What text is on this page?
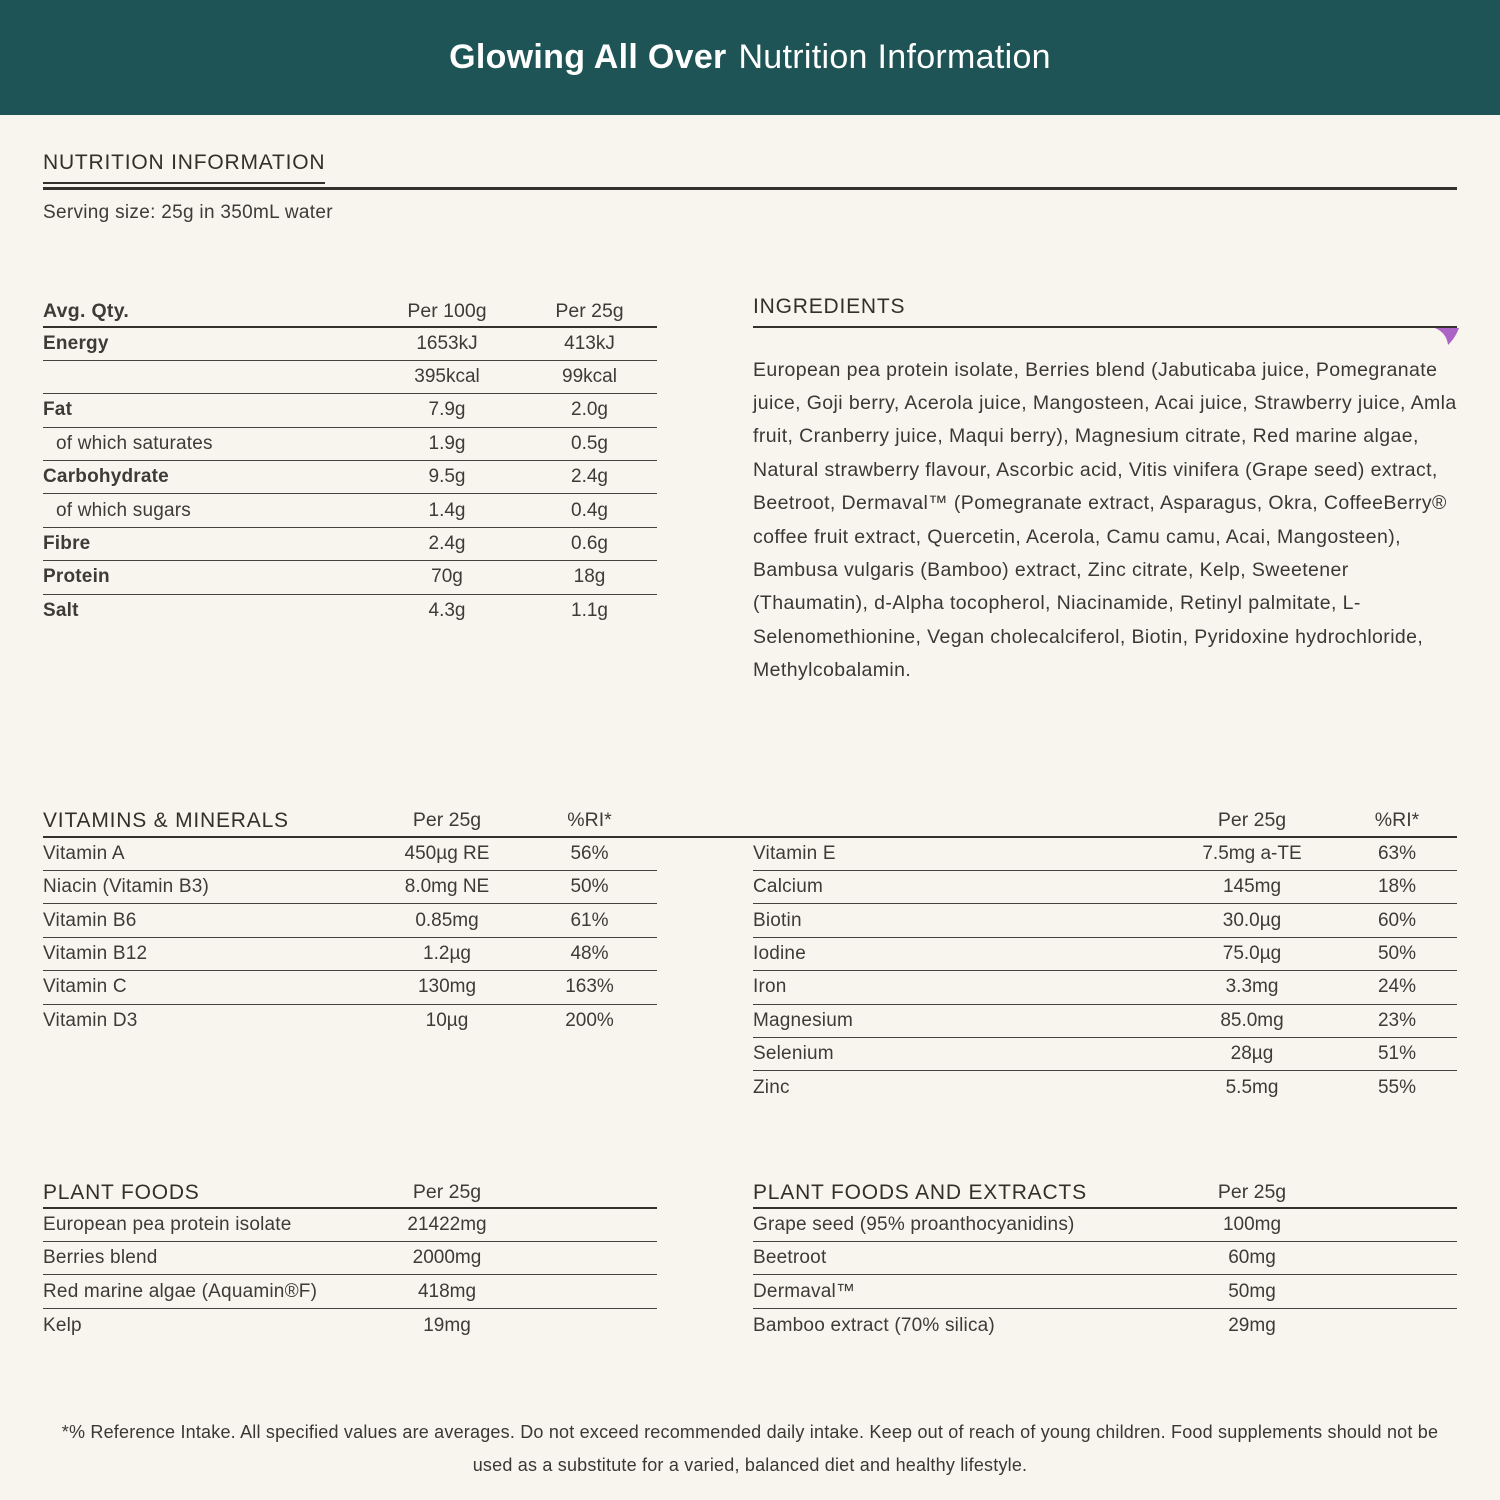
Glowing All Over Nutrition Information
NUTRITION INFORMATION

Serving size: 25g in 350mL water

Avg. Qty.	Per 100g	Per 25g
Energy	1653kJ	413kJ
395kcal	99kcal
Fat	7.9g	2.0g
of which saturates	1.9g	0.5g
Carbohydrate	9.5g	2.4g
of which sugars	1.4g	0.4g
Fibre	2.4g	0.6g
Protein	70g	18g
Salt	4.3g	1.1g
INGREDIENTS

European pea protein isolate, Berries blend (Jabuticaba juice, Pomegranate juice, Goji berry, Acerola juice, Mangosteen, Acai juice, Strawberry juice, Amla fruit, Cranberry juice, Maqui berry), Magnesium citrate, Red marine algae, Natural strawberry flavour, Ascorbic acid, Vitis vinifera (Grape seed) extract, Beetroot, Dermaval™ (Pomegranate extract, Asparagus, Okra, CoffeeBerry® coffee fruit extract, Quercetin, Acerola, Camu camu, Acai, Mangosteen), Bambusa vulgaris (Bamboo) extract, Zinc citrate, Kelp, Sweetener (Thaumatin), d-Alpha tocopherol, Niacinamide, Retinyl palmitate, L-Selenomethionine, Vegan cholecalciferol, Biotin, Pyridoxine hydrochloride, Methylcobalamin.

VITAMINS & MINERALS	Per 25g	%RI*	Per 25g	%RI*
Vitamin A	450µg RE	56%
Niacin (Vitamin B3)	8.0mg NE	50%
Vitamin B6	0.85mg	61%
Vitamin B12	1.2µg	48%
Vitamin C	130mg	163%
Vitamin D3	10µg	200%
Vitamin E	7.5mg a-TE	63%
Calcium	145mg	18%
Biotin	30.0µg	60%
Iodine	75.0µg	50%
Iron	3.3mg	24%
Magnesium	85.0mg	23%
Selenium	28µg	51%
Zinc	5.5mg	55%
PLANT FOODS	Per 25g
European pea protein isolate	21422mg
Berries blend	2000mg
Red marine algae (Aquamin®F)	418mg
Kelp	19mg
PLANT FOODS AND EXTRACTS	Per 25g
Grape seed (95% proanthocyanidins)	100mg
Beetroot	60mg
Dermaval™	50mg
Bamboo extract (70% silica)	29mg

*% Reference Intake. All specified values are averages. Do not exceed recommended daily intake. Keep out of reach of young children. Food supplements should not be used as a substitute for a varied, balanced diet and healthy lifestyle.
